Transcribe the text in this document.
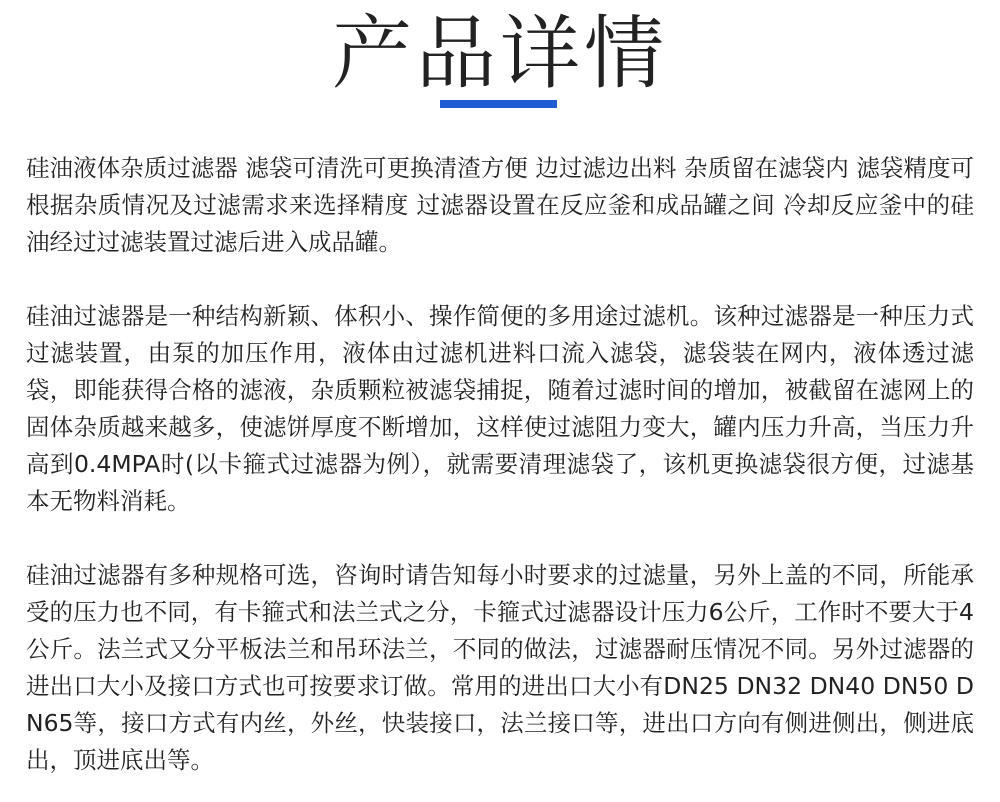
产品详情

硅油液体杂质过滤器 滤袋可清洗可更换清渣方便 边过滤边出料 杂质留在滤袋内 滤袋精度可根据杂质情况及过滤需求来选择精度 过滤器设置在反应釜和成品罐之间 冷却反应釜中的硅油经过过滤装置过滤后进入成品罐。

硅油过滤器是一种结构新颖、体积小、操作简便的多用途过滤机。该种过滤器是一种压力式过滤装置，由泵的加压作用，液体由过滤机进料口流入滤袋，滤袋装在网内，液体透过滤袋，即能获得合格的滤液，杂质颗粒被滤袋捕捉，随着过滤时间的增加，被截留在滤网上的固体杂质越来越多，使滤饼厚度不断增加，这样使过滤阻力变大，罐内压力升高，当压力升高到0.4MPA时(以卡箍式过滤器为例），就需要清理滤袋了，该机更换滤袋很方便，过滤基本无物料消耗。

硅油过滤器有多种规格可选，咨询时请告知每小时要求的过滤量，另外上盖的不同，所能承受的压力也不同，有卡箍式和法兰式之分，卡箍式过滤器设计压力6公斤，工作时不要大于4公斤。法兰式又分平板法兰和吊环法兰，不同的做法，过滤器耐压情况不同。另外过滤器的进出口大小及接口方式也可按要求订做。常用的进出口大小有DN25 DN32 DN40 DN50 DN65等，接口方式有内丝，外丝，快装接口，法兰接口等，进出口方向有侧进侧出，侧进底出，顶进底出等。
